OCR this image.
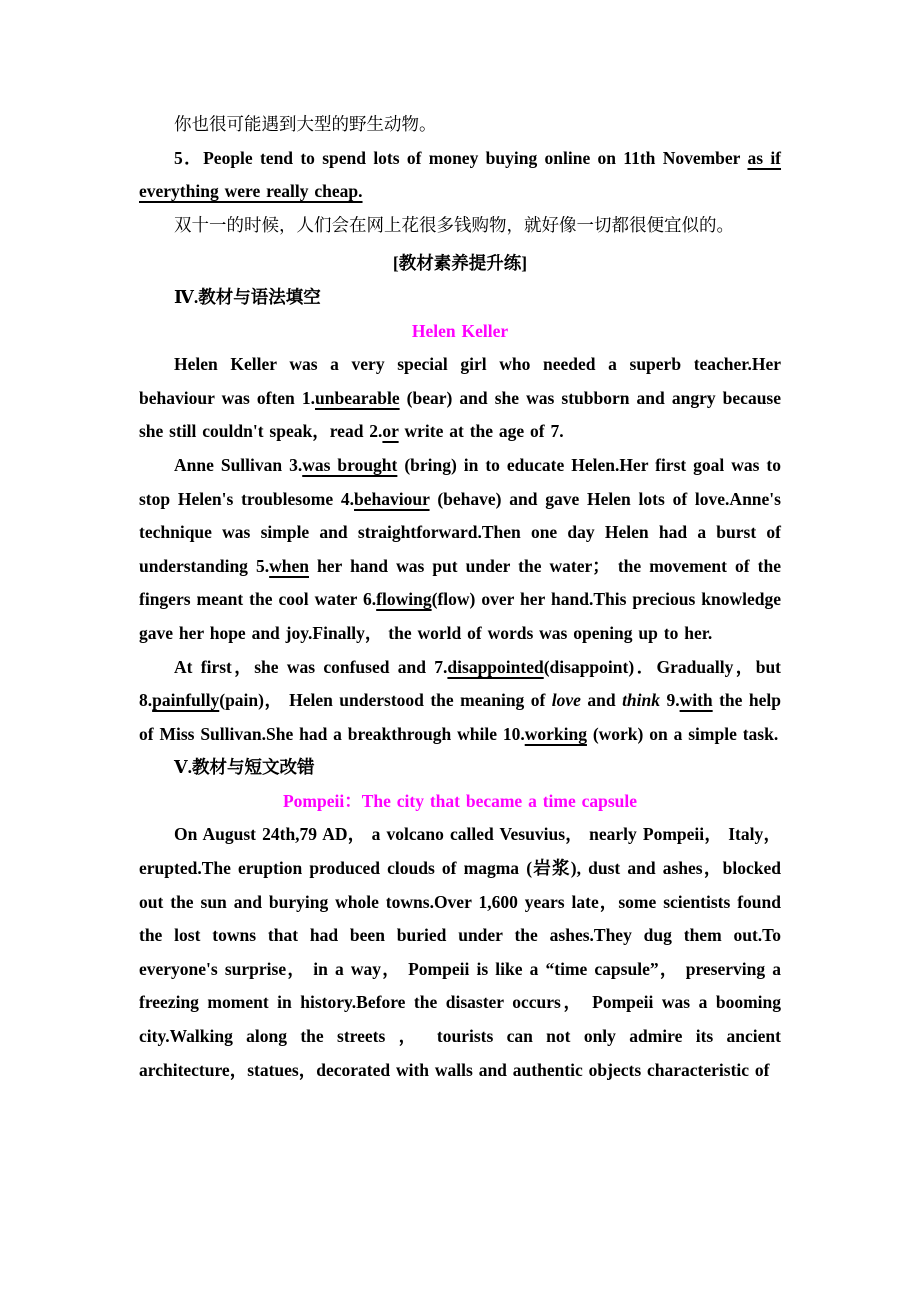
你也很可能遇到大型的野生动物。
5．People tend to spend lots of money buying online on 11th November as if everything were really cheap.
双十一的时候，人们会在网上花很多钱购物，就好像一切都很便宜似的。
[教材素养提升练]
Ⅳ.教材与语法填空
Helen Keller
Helen Keller was a very special girl who needed a superb teacher.Her behaviour was often 1.unbearable (bear) and she was stubborn and angry because she still couldn't speak，read 2.or write at the age of 7.
Anne Sullivan 3.was brought (bring) in to educate Helen.Her first goal was to stop Helen's troublesome 4.behaviour (behave) and gave Helen lots of love.Anne's technique was simple and straightforward.Then one day Helen had a burst of understanding 5.when her hand was put under the water； the movement of the fingers meant the cool water 6.flowing(flow) over her hand.This precious knowledge gave her hope and joy.Finally， the world of words was opening up to her.
At first，she was confused and 7.disappointed(disappoint)．Gradually，but 8.painfully(pain)， Helen understood the meaning of love and think 9.with the help of Miss Sullivan.She had a breakthrough while 10.working (work) on a simple task.
Ⅴ.教材与短文改错
Pompeii：The city that became a time capsule
On August 24th,79 AD， a volcano called Vesuvius， nearly Pompeii， Italy， erupted.The eruption produced clouds of magma (岩浆), dust and ashes，blocked out the sun and burying whole towns.Over 1,600 years late，some scientists found the lost towns that had been buried under the ashes.They dug them out.To everyone's surprise， in a way， Pompeii is like a “time capsule”， preserving a freezing moment in history.Before the disaster occurs， Pompeii was a booming city.Walking along the streets ， tourists can not only admire its ancient architecture，statues，decorated with walls and authentic objects characteristic of
